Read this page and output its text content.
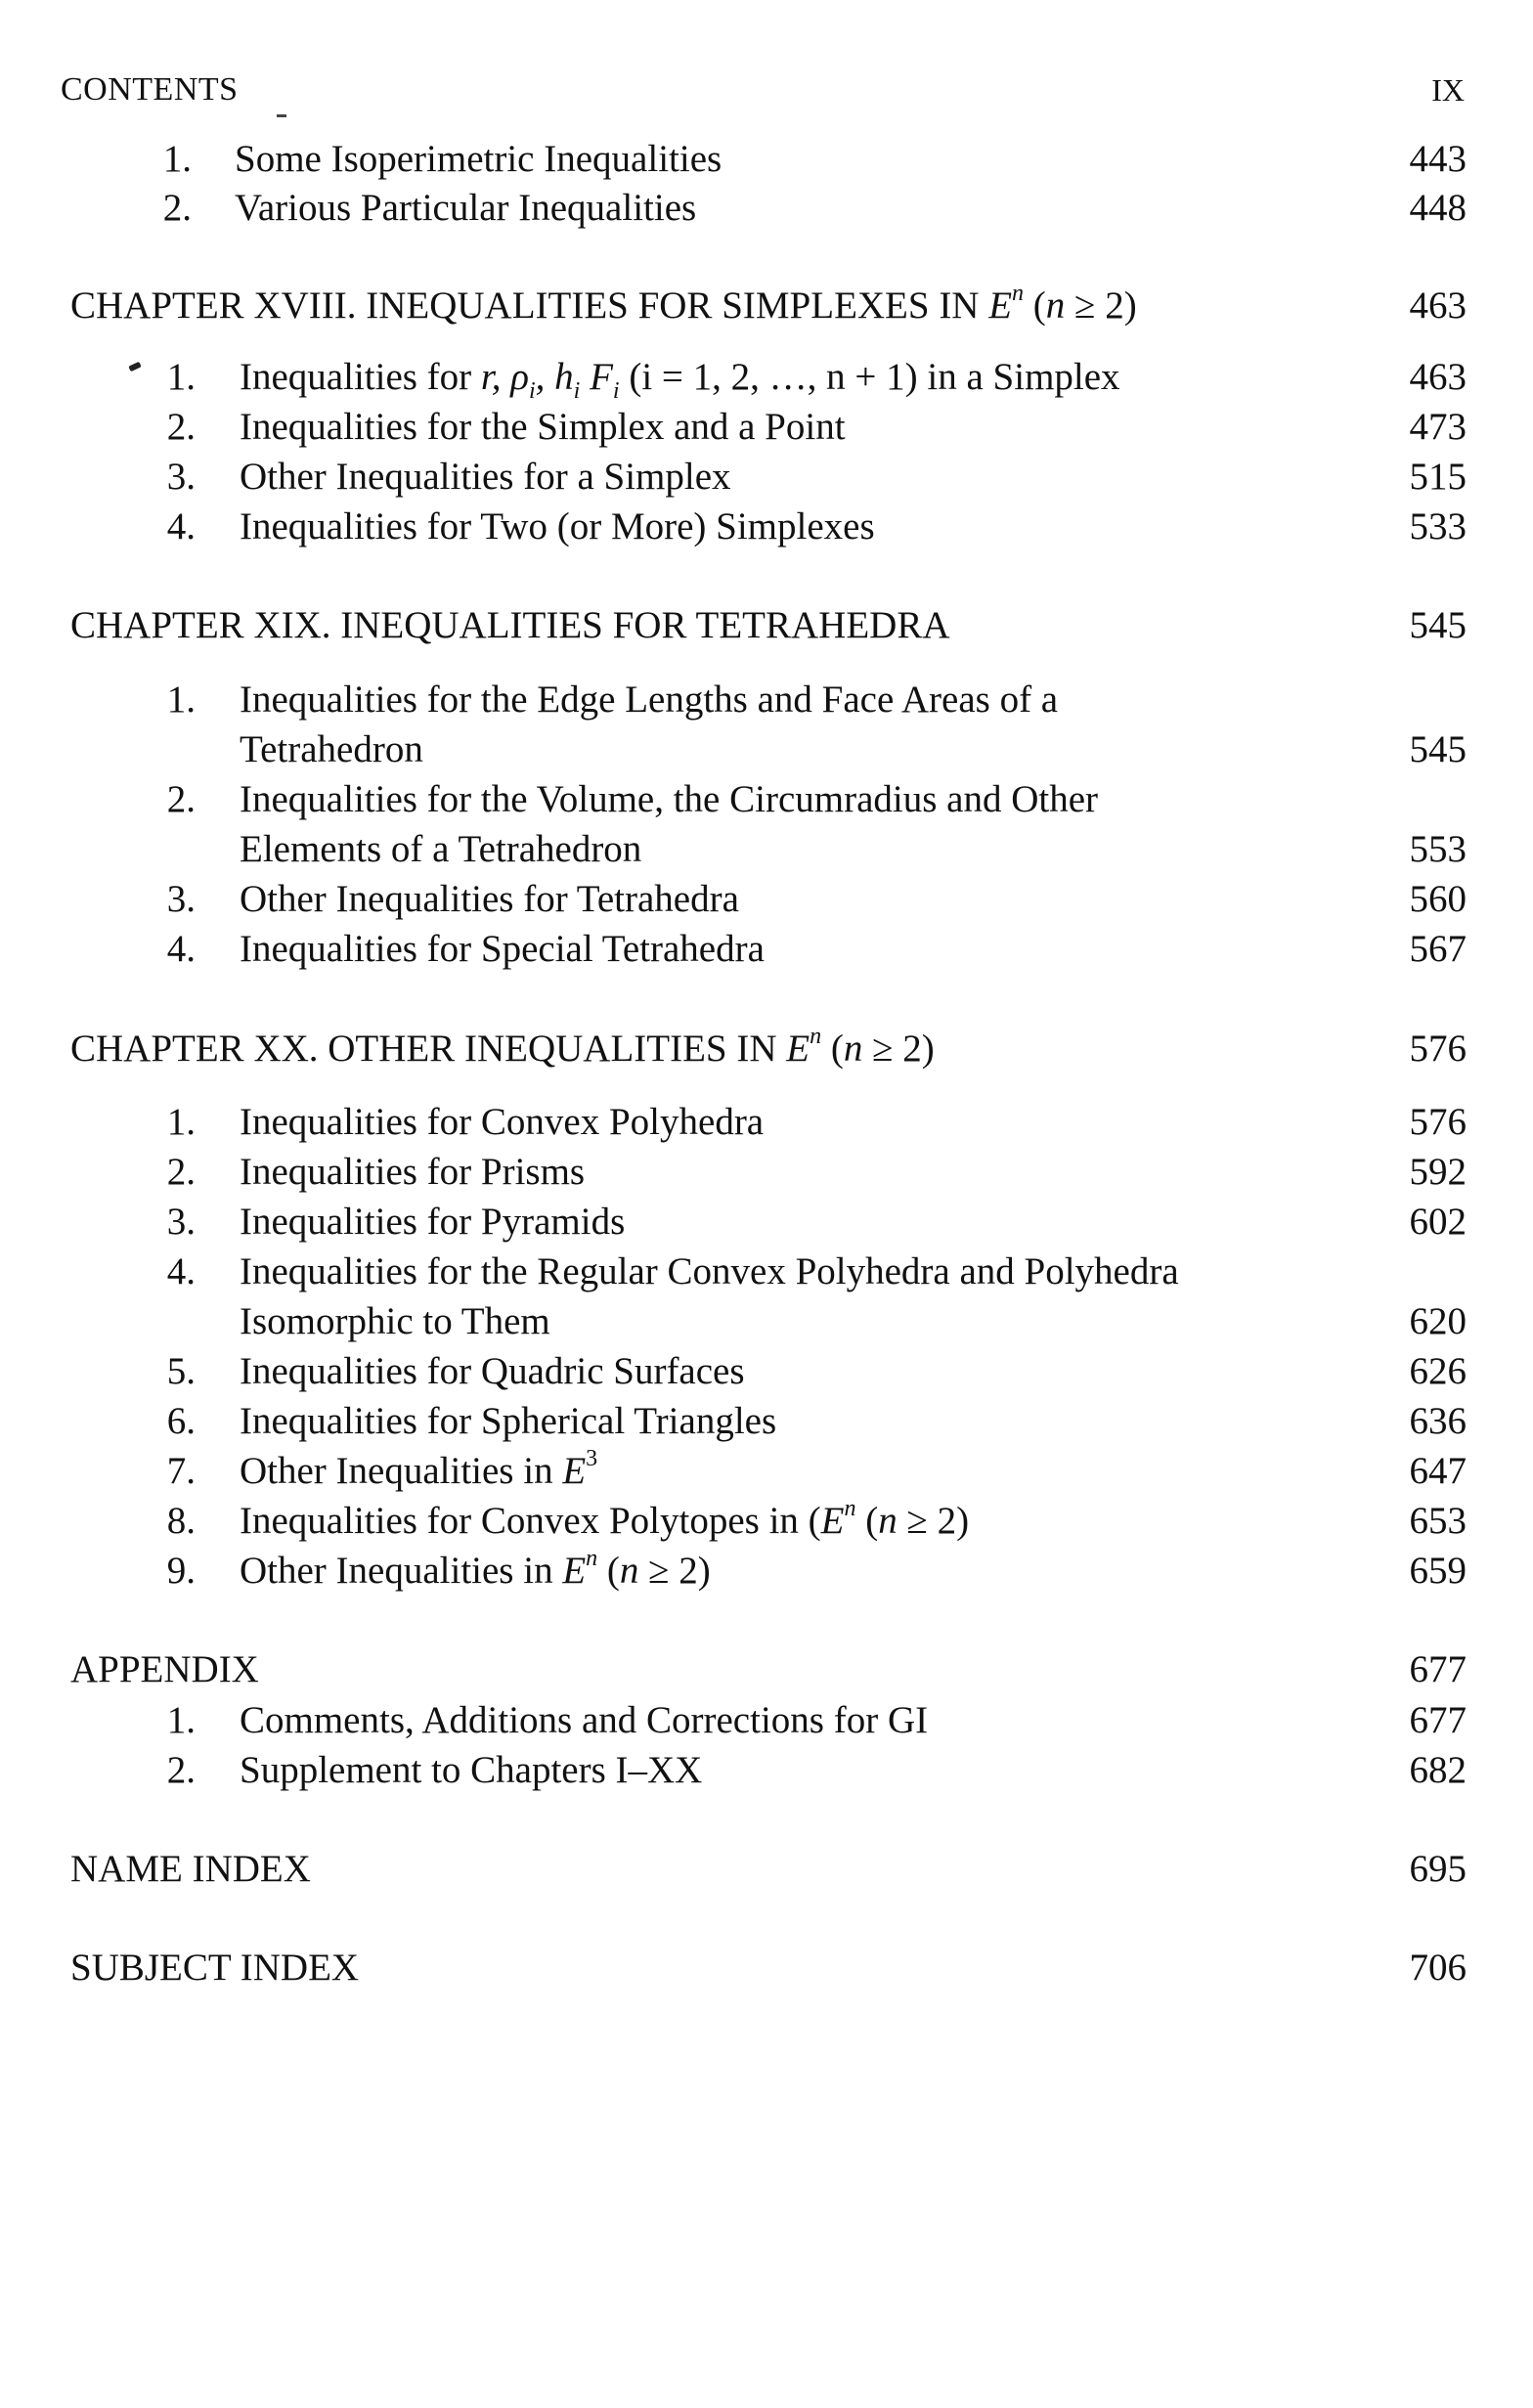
CONTENTS	IX
1. Some Isoperimetric Inequalities	443
2. Various Particular Inequalities	448
CHAPTER XVIII. INEQUALITIES FOR SIMPLEXES IN $E^n$ (n ≥ 2)	463
1. Inequalities for r, $\rho_i$, $h_i$ $F_i$ (i = 1, 2, …, n + 1) in a Simplex	463
2. Inequalities for the Simplex and a Point	473
3. Other Inequalities for a Simplex	515
4. Inequalities for Two (or More) Simplexes	533
CHAPTER XIX. INEQUALITIES FOR TETRAHEDRA	545
1. Inequalities for the Edge Lengths and Face Areas of a
Tetrahedron	545
2. Inequalities for the Volume, the Circumradius and Other
Elements of a Tetrahedron	553
3. Other Inequalities for Tetrahedra	560
4. Inequalities for Special Tetrahedra	567
CHAPTER XX. OTHER INEQUALITIES IN $E^n$ (n ≥ 2)	576
1. Inequalities for Convex Polyhedra	576
2. Inequalities for Prisms	592
3. Inequalities for Pyramids	602
4. Inequalities for the Regular Convex Polyhedra and Polyhedra
Isomorphic to Them	620
5. Inequalities for Quadric Surfaces	626
6. Inequalities for Spherical Triangles	636
7. Other Inequalities in $E^3$	647
8. Inequalities for Convex Polytopes in ($E^n$ (n ≥ 2)	653
9. Other Inequalities in $E^n$ (n ≥ 2)	659
APPENDIX	677
1. Comments, Additions and Corrections for GI	677
2. Supplement to Chapters I–XX	682
NAME INDEX	695
SUBJECT INDEX	706
